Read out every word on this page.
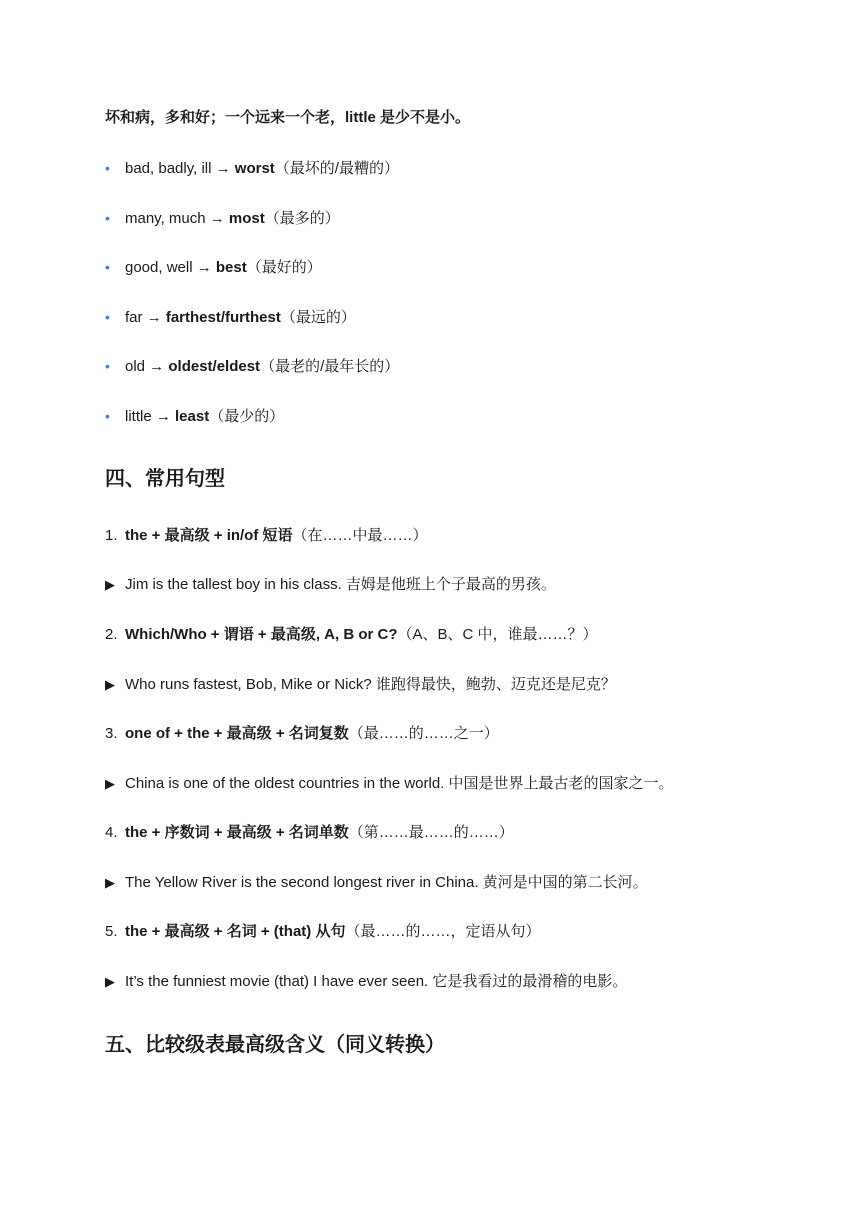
坏和病，多和好；一个远来一个老，little 是少不是小。
• bad, badly, ill → worst（最坏的/最糟的）
• many, much → most（最多的）
• good, well → best（最好的）
• far → farthest/furthest（最远的）
• old → oldest/eldest（最老的/最年长的）
• little → least（最少的）
四、常用句型
1. the + 最高级 + in/of 短语（在……中最……）
▶ Jim is the tallest boy in his class. 吉姆是他班上个子最高的男孩。
2. Which/Who + 谓语 + 最高级, A, B or C?（A、B、C 中，谁最……？）
▶ Who runs fastest, Bob, Mike or Nick? 谁跑得最快，鲍勃、迈克还是尼克？
3. one of + the + 最高级 + 名词复数（最……的……之一）
▶ China is one of the oldest countries in the world. 中国是世界上最古老的国家之一。
4. the + 序数词 + 最高级 + 名词单数（第……最……的……）
▶ The Yellow River is the second longest river in China. 黄河是中国的第二长河。
5. the + 最高级 + 名词 + (that) 从句（最……的……，定语从句）
▶ It’s the funniest movie (that) I have ever seen. 它是我看过的最滑稽的电影。
五、比较级表最高级含义（同义转换）
